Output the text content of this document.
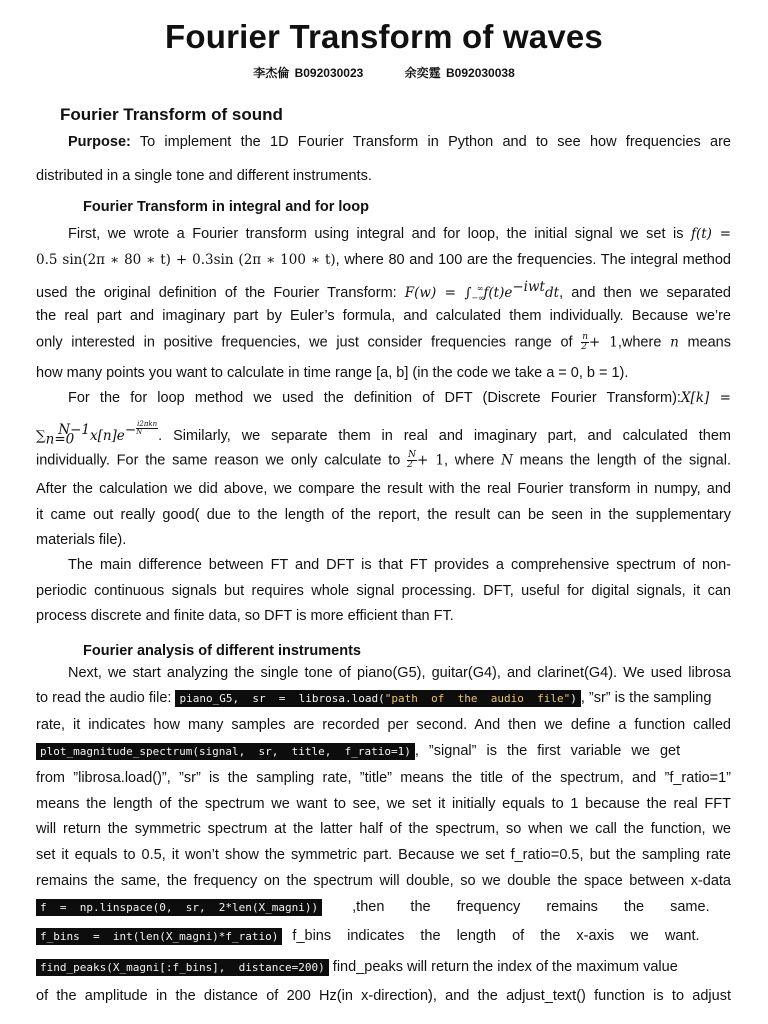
Fourier Transform of waves
李杰倫 B092030023	余奕霆 B092030038
Fourier Transform of sound
Purpose: To implement the 1D Fourier Transform in Python and to see how frequencies are
distributed in a single tone and different instruments.
Fourier Transform in integral and for loop
First, we wrote a Fourier transform using integral and for loop, the initial signal we set is f(t) =
0.5 sin(2π ∗ 80 ∗ t) + 0.3sin (2π ∗ 100 ∗ t), where 80 and 100 are the frequencies. The integral method
used the original definition of the Fourier Transform: $F(w) = \int_{-\infty}^\infty f(t)e^{-iwt}dt$, and then we separated
the real part and imaginary part by Euler’s formula, and calculated them individually. Because we’re
only interested in positive frequencies, we just consider frequencies range of $\frac{n}{2}$ + 1,where n means
how many points you want to calculate in time range [a, b] (in the code we take a = 0, b = 1).
For the for loop method we used the definition of DFT (Discrete Fourier Transform):X[k] =
$\sum_{n=0}^{N-1}x[n]e^- \frac{\text{i2πkn}}{N}$ . Similarly, we separate them in real and imaginary part, and calculated them
individually. For the same reason we only calculate to $\frac{N}{2} + 1$, where N means the length of the signal.
After the calculation we did above, we compare the result with the real Fourier transform in numpy, and
it came out really good( due to the length of the report, the result can be seen in the supplementary
materials file).
The main difference between FT and DFT is that FT provides a comprehensive spectrum of non-
periodic continuous signals but requires whole signal processing. DFT, useful for digital signals, it can
process discrete and finite data, so DFT is more efficient than FT.
Fourier analysis of different instruments
Next, we start analyzing the single tone of piano(G5), guitar(G4), and clarinet(G4). We used librosa
to read the audio file: piano_G5,  sr  =  librosa.load("path  of  the  audio  file") , ”sr” is the sampling
rate, it indicates how many samples are recorded per second. And then we define a function called
plot_magnitude_spectrum(signal,  sr,  title,  f_ratio=1) , ”signal” is the first variable we get
from ”librosa.load()”, ”sr” is the sampling rate, ”title” means the title of the spectrum, and ”f_ratio=1”
means the length of the spectrum we want to see, we set it initially equals to 1 because the real FFT
will return the symmetric spectrum at the latter half of the spectrum, so when we call the function, we
set it equals to 0.5, it won’t show the symmetric part. Because we set f_ratio=0.5, but the sampling rate
remains the same, the frequency on the spectrum will double, so we double the space between x-data
f  =  np.linspace(0,  sr,  2*len(X_magni)) ,then the frequency remains the same.
f_bins  =  int(len(X_magni)*f_ratio) f_bins indicates the length of the x-axis we want.
find_peaks(X_magni[:f_bins],  distance=200) find_peaks will return the index of the maximum value
of the amplitude in the distance of 200 Hz(in x-direction), and the adjust_text() function is to adjust
